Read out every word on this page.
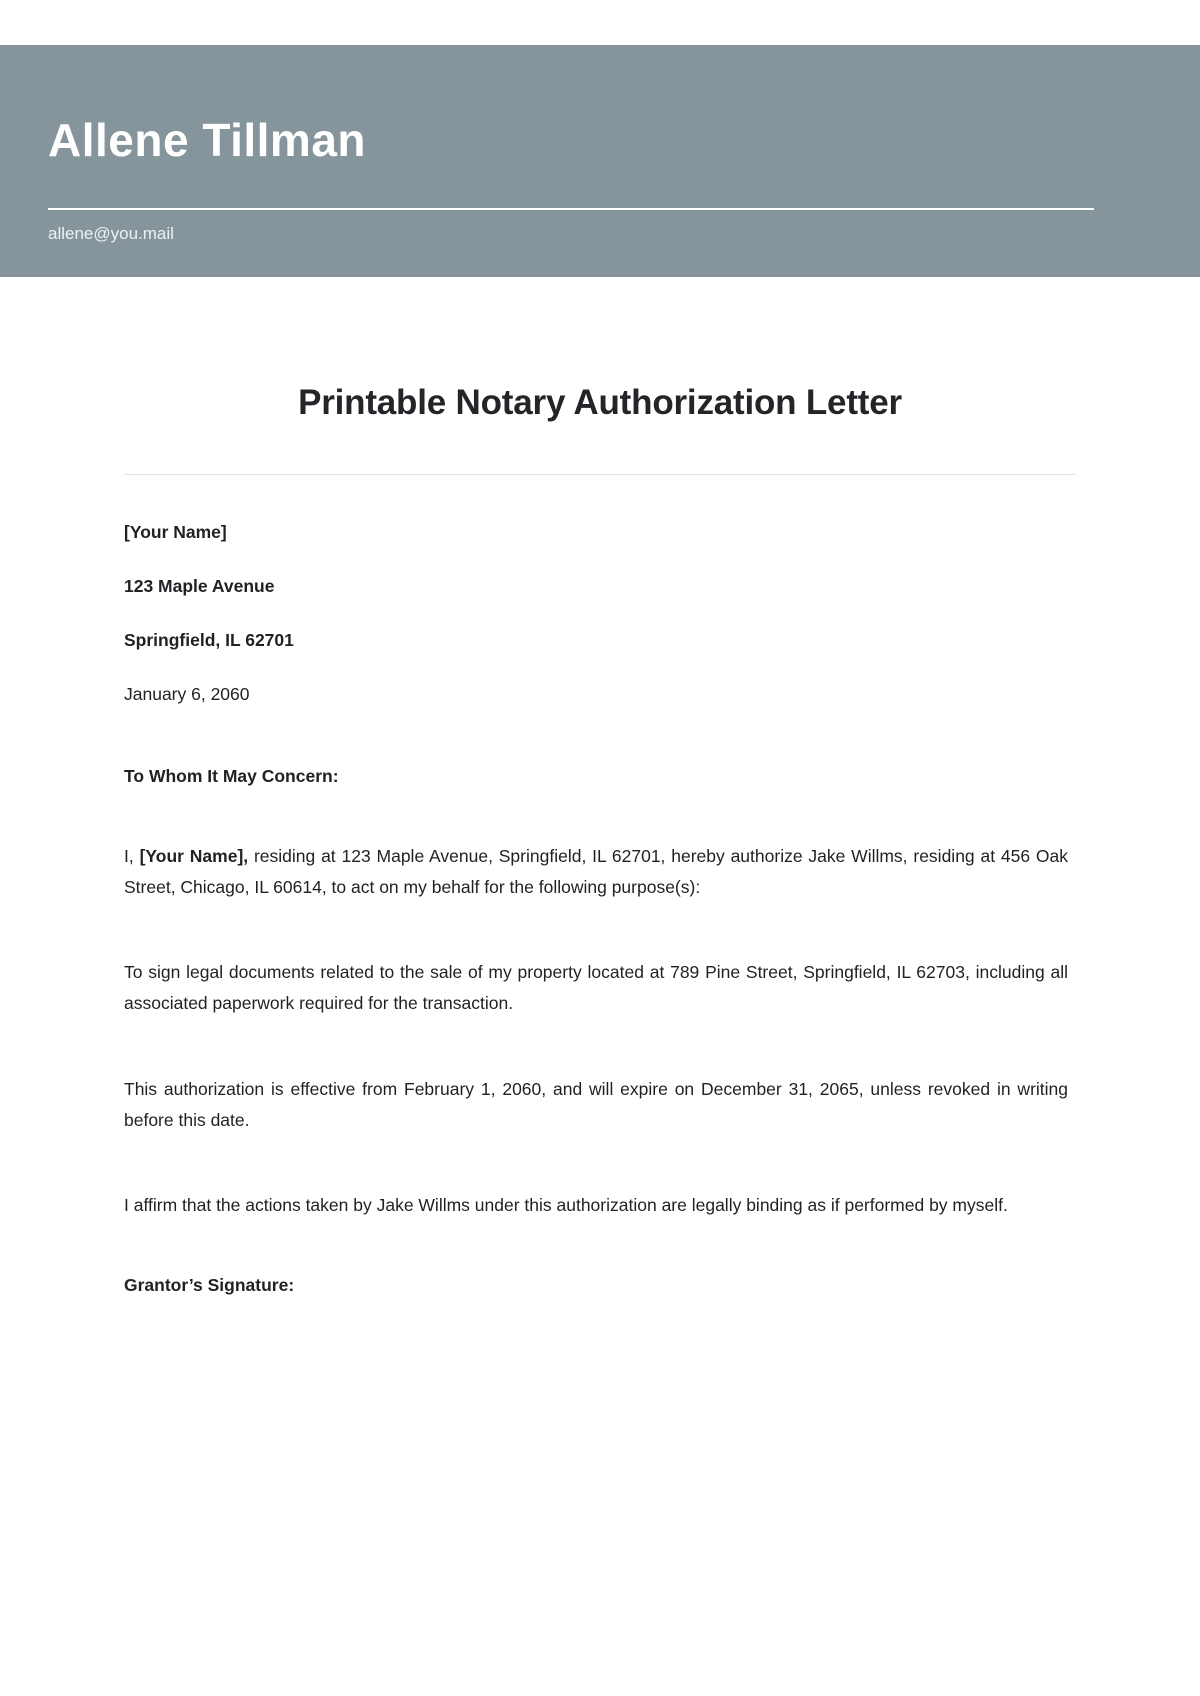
Allene Tillman
allene@you.mail
Printable Notary Authorization Letter
[Your Name]
123 Maple Avenue
Springfield, IL 62701
January 6, 2060
To Whom It May Concern:

I, [Your Name], residing at 123 Maple Avenue, Springfield, IL 62701, hereby authorize Jake Willms, residing at 456 Oak Street, Chicago, IL 60614, to act on my behalf for the following purpose(s):

To sign legal documents related to the sale of my property located at 789 Pine Street, Springfield, IL 62703, including all associated paperwork required for the transaction.

This authorization is effective from February 1, 2060, and will expire on December 31, 2065, unless revoked in writing before this date.

I affirm that the actions taken by Jake Willms under this authorization are legally binding as if performed by myself.

Grantor’s Signature:
